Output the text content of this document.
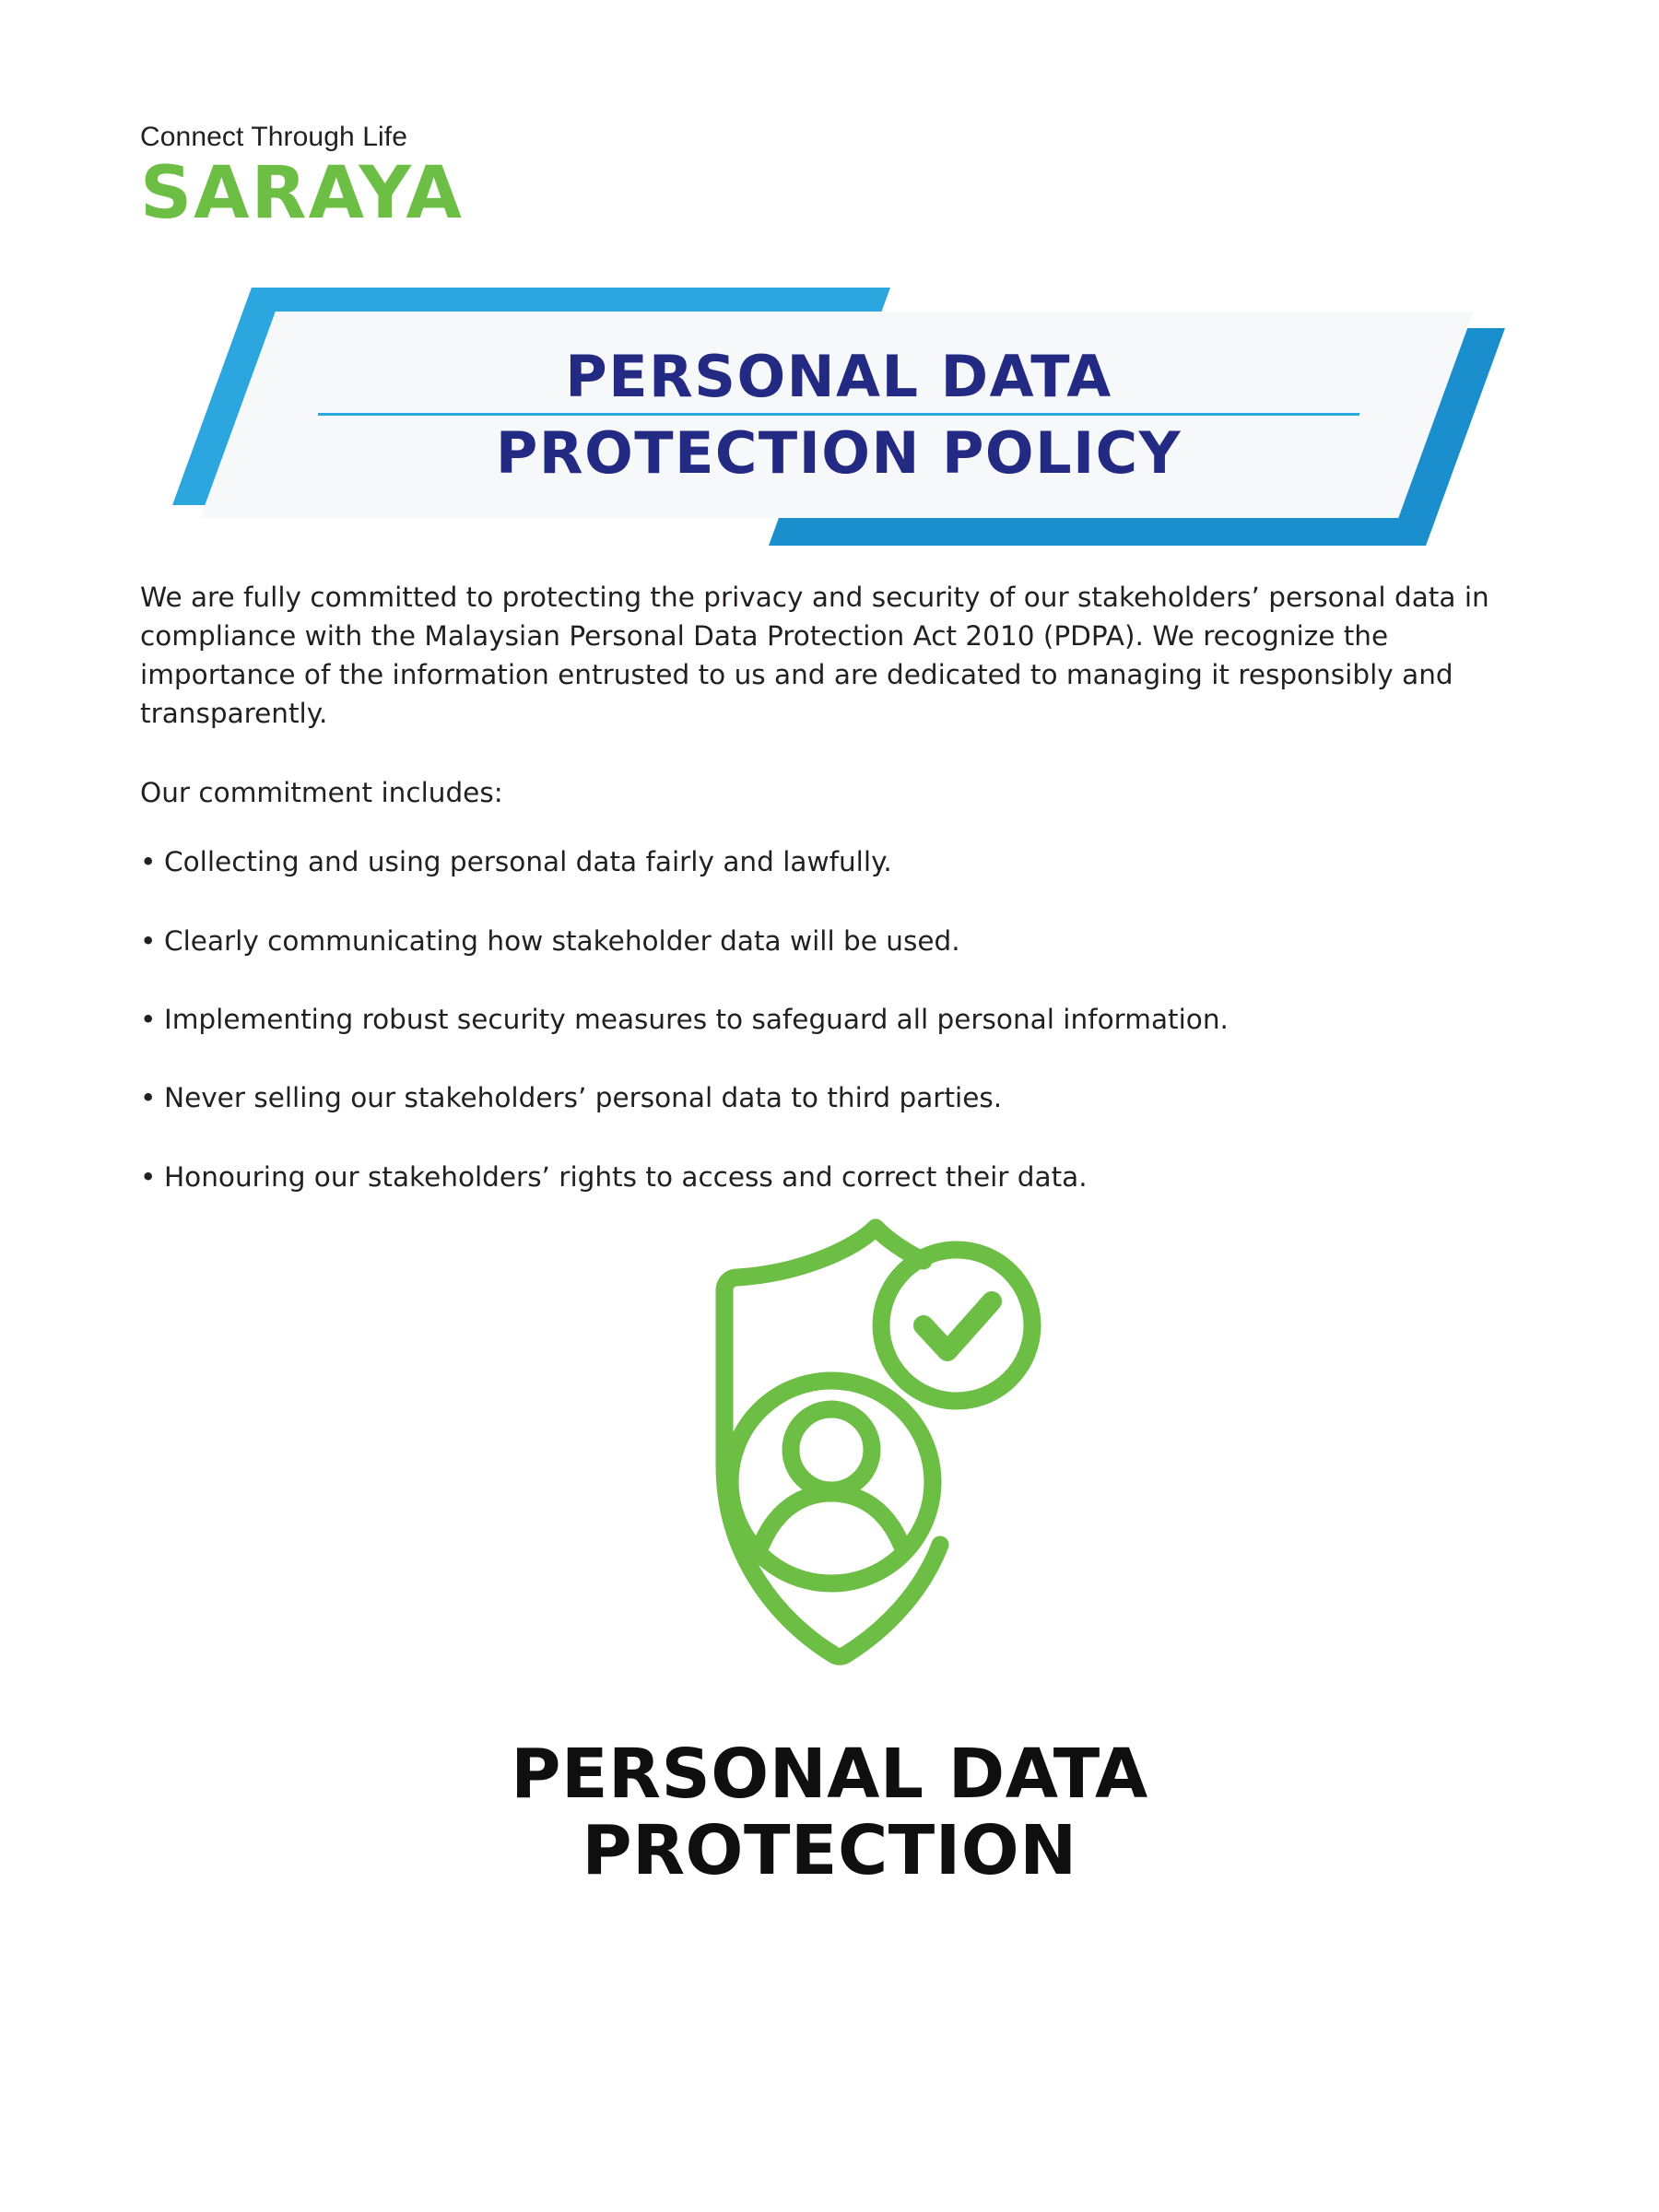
Connect Through Life
SARAYA
PERSONAL DATA
PROTECTION POLICY

We are fully committed to protecting the privacy and security of our stakeholders’ personal data in compliance with the Malaysian Personal Data Protection Act 2010 (PDPA). We recognize the importance of the information entrusted to us and are dedicated to managing it responsibly and transparently.

Our commitment includes:

• Collecting and using personal data fairly and lawfully.
• Clearly communicating how stakeholder data will be used.
• Implementing robust security measures to safeguard all personal information.
• Never selling our stakeholders’ personal data to third parties.
• Honouring our stakeholders’ rights to access and correct their data.
PERSONAL DATA
PROTECTION
